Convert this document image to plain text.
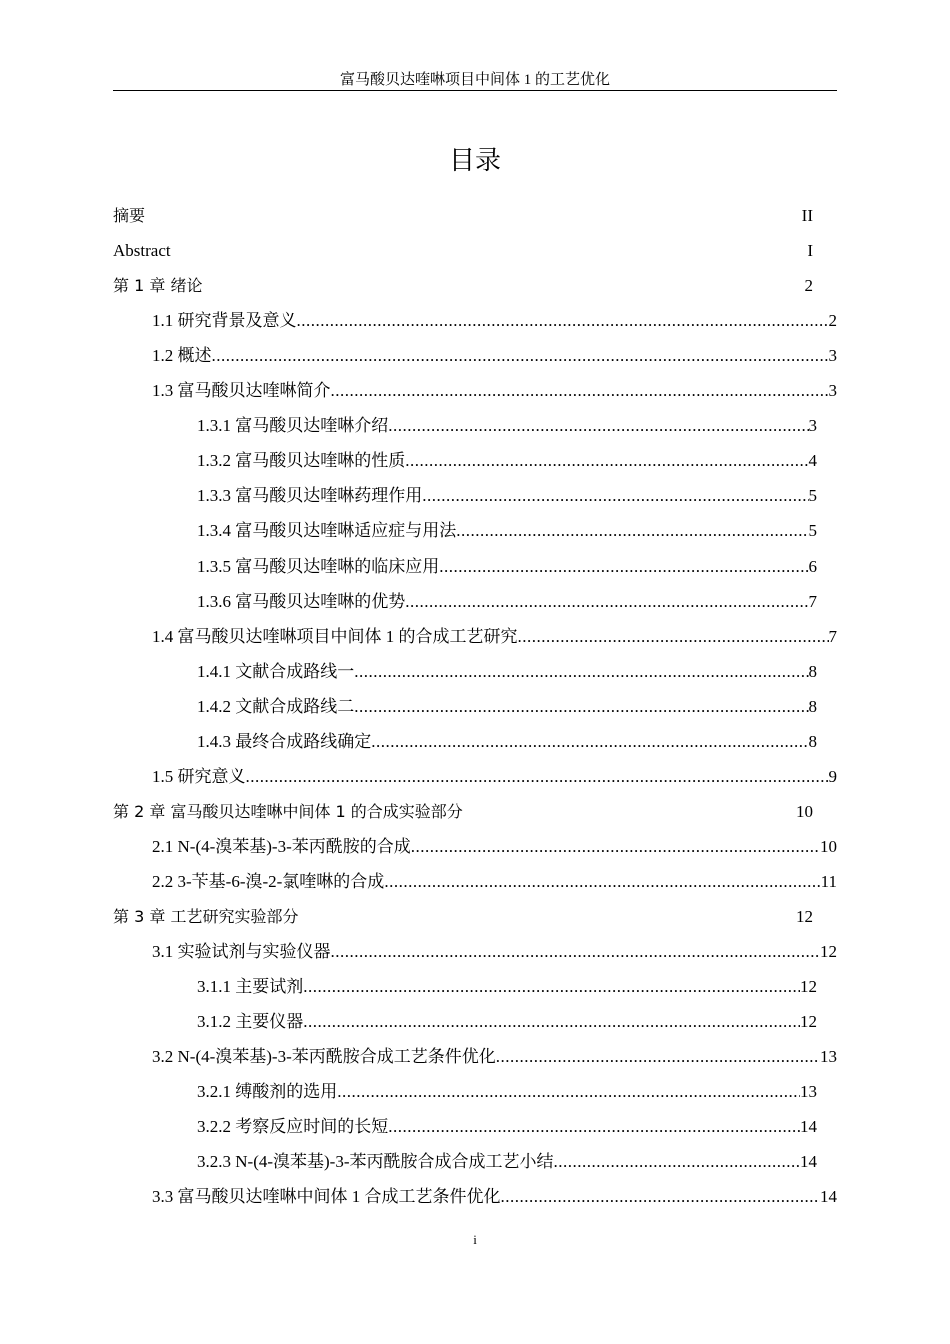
富马酸贝达喹啉项目中间体 1 的工艺优化
目录
摘要	II
Abstract	I
第 1 章 绪论	2
1.1 研究背景及意义 .....	2
1.2 概述 .....	3
1.3 富马酸贝达喹啉简介 .....	3
1.3.1 富马酸贝达喹啉介绍 .....	3
1.3.2 富马酸贝达喹啉的性质 .....	4
1.3.3 富马酸贝达喹啉药理作用 .....	5
1.3.4 富马酸贝达喹啉适应症与用法 .....	5
1.3.5 富马酸贝达喹啉的临床应用 .....	6
1.3.6 富马酸贝达喹啉的优势 .....	7
1.4 富马酸贝达喹啉项目中间体 1 的合成工艺研究 .....	7
1.4.1 文献合成路线一 .....	8
1.4.2 文献合成路线二 .....	8
1.4.3 最终合成路线确定 .....	8
1.5 研究意义 .....	9
第 2 章 富马酸贝达喹啉中间体 1 的合成实验部分	10
2.1 N-(4-溴苯基)-3-苯丙酰胺的合成 .....	10
2.2 3-苄基-6-溴-2-氯喹啉的合成 .....	11
第 3 章 工艺研究实验部分	12
3.1 实验试剂与实验仪器 .....	12
3.1.1 主要试剂 .....	12
3.1.2 主要仪器 .....	12
3.2 N-(4-溴苯基)-3-苯丙酰胺合成工艺条件优化 .....	13
3.2.1 缚酸剂的选用 .....	13
3.2.2 考察反应时间的长短 .....	14
3.2.3 N-(4-溴苯基)-3-苯丙酰胺合成合成工艺小结 .....	14
3.3 富马酸贝达喹啉中间体 1 合成工艺条件优化 .....	14
i
